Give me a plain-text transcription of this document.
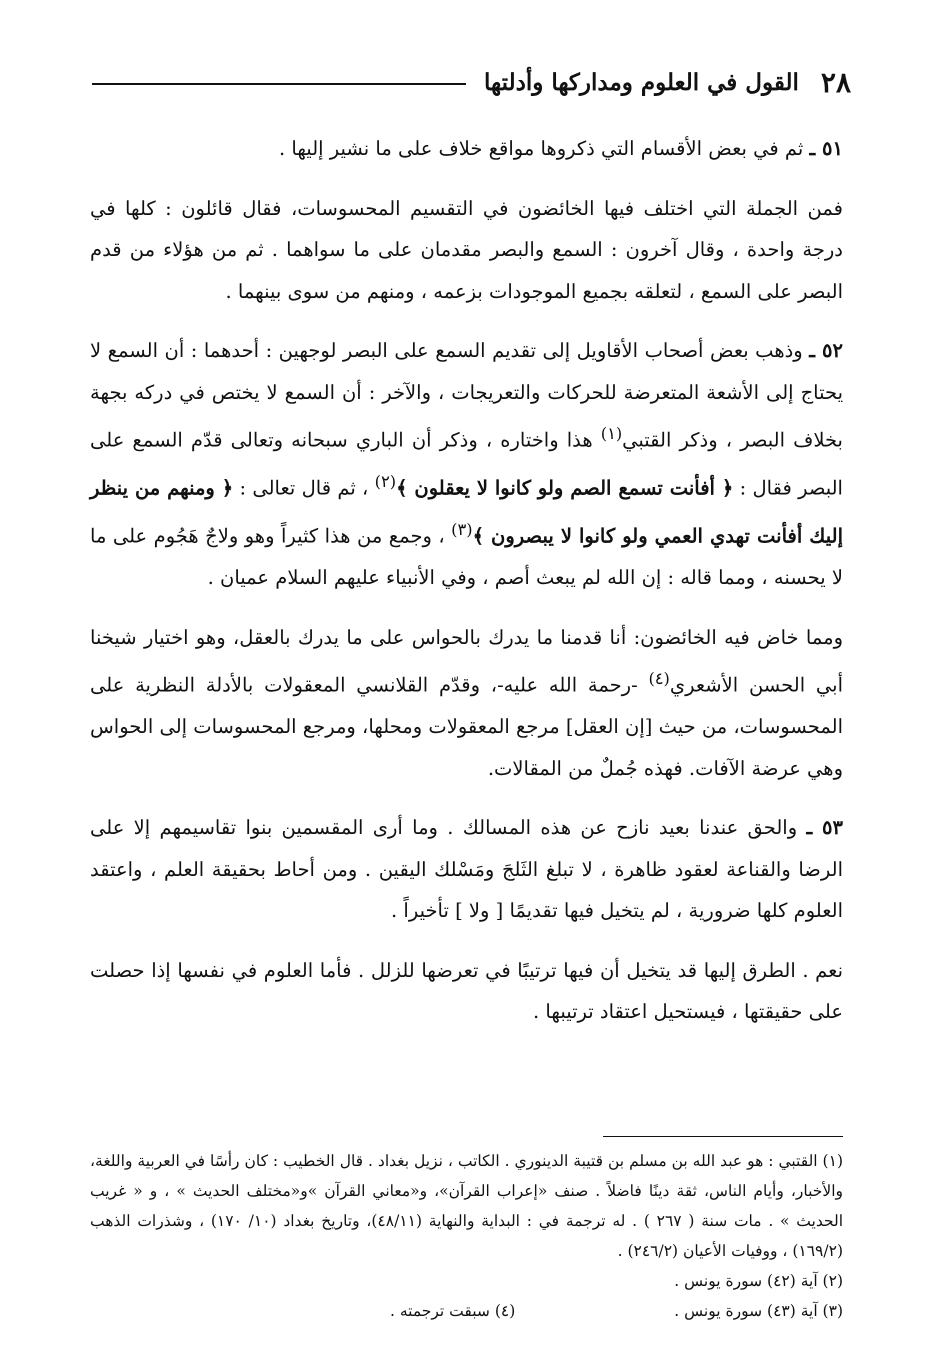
٢٨
القول في العلوم ومداركها وأدلتها

٥١ ـ ثم في بعض الأقسام التي ذكروها مواقع خلاف على ما نشير إليها .

فمن الجملة التي اختلف فيها الخائضون في التقسيم المحسوسات، فقال قائلون : كلها في درجة واحدة ، وقال آخرون : السمع والبصر مقدمان على ما سواهما . ثم من هؤلاء من قدم البصر على السمع ، لتعلقه بجميع الموجودات بزعمه ، ومنهم من سوى بينهما .

٥٢ ـ وذهب بعض أصحاب الأقاويل إلى تقديم السمع على البصر لوجهين : أحدهما : أن السمع لا يحتاج إلى الأشعة المتعرضة للحركات والتعريجات ، والآخر : أن السمع لا يختص في دركه بجهة بخلاف البصر ، وذكر القتبي$^{(١)}$ هذا واختاره ، وذكر أن الباري سبحانه وتعالى قدّم السمع على البصر فقال : ﴿ أفأنت تسمع الصم ولو كانوا لا يعقلون ﴾$^{(٢)}$ ، ثم قال تعالى : ﴿ ومنهم من ينظر إليك أفأنت تهدي العمي ولو كانوا لا يبصرون ﴾$^{(٣)}$ ، وجمع من هذا كثيراً وهو ولاجٌ هَجُوم على ما لا يحسنه ، ومما قاله : إن الله لم يبعث أصم ، وفي الأنبياء عليهم السلام عميان .

ومما خاض فيه الخائضون: أنا قدمنا ما يدرك بالحواس على ما يدرك بالعقل، وهو اختيار شيخنا أبي الحسن الأشعري$^{(٤)}$ -رحمة الله عليه-، وقدّم القلانسي المعقولات بالأدلة النظرية على المحسوسات، من حيث [إن العقل] مرجع المعقولات ومحلها، ومرجع المحسوسات إلى الحواس وهي عرضة الآفات. فهذه جُملٌ من المقالات.

٥٣ ـ والحق عندنا بعيد نازح عن هذه المسالك . وما أرى المقسمين بنوا تقاسيمهم إلا على الرضا والقناعة لعقود ظاهرة ، لا تبلغ الثَلجَ ومَسْلك اليقين . ومن أحاط بحقيقة العلم ، واعتقد العلوم كلها ضرورية ، لم يتخيل فيها تقديمًا [ ولا ] تأخيراً .

نعم . الطرق إليها قد يتخيل أن فيها ترتيبًا في تعرضها للزلل . فأما العلوم في نفسها إذا حصلت على حقيقتها ، فيستحيل اعتقاد ترتيبها .

(١) القتبي : هو عبد الله بن مسلم بن قتيبة الدينوري . الكاتب ، نزيل بغداد . قال الخطيب : كان رأسًا في العربية واللغة، والأخبار، وأيام الناس، ثقة دينًا فاضلاً . صنف «إعراب القرآن»، و«معاني القرآن »و«مختلف الحديث » ، و « غريب الحديث » . مات سنة ( ٢٦٧ ) . له ترجمة في : البداية والنهاية (٤٨/١١)، وتاريخ بغداد (١٠/ ١٧٠) ، وشذرات الذهب (١٦٩/٢) ، ووفيات الأعيان (٢٤٦/٢) .

(٢) آية (٤٢) سورة يونس .

(٣) آية (٤٣) سورة يونس .
(٤) سبقت ترجمته .
